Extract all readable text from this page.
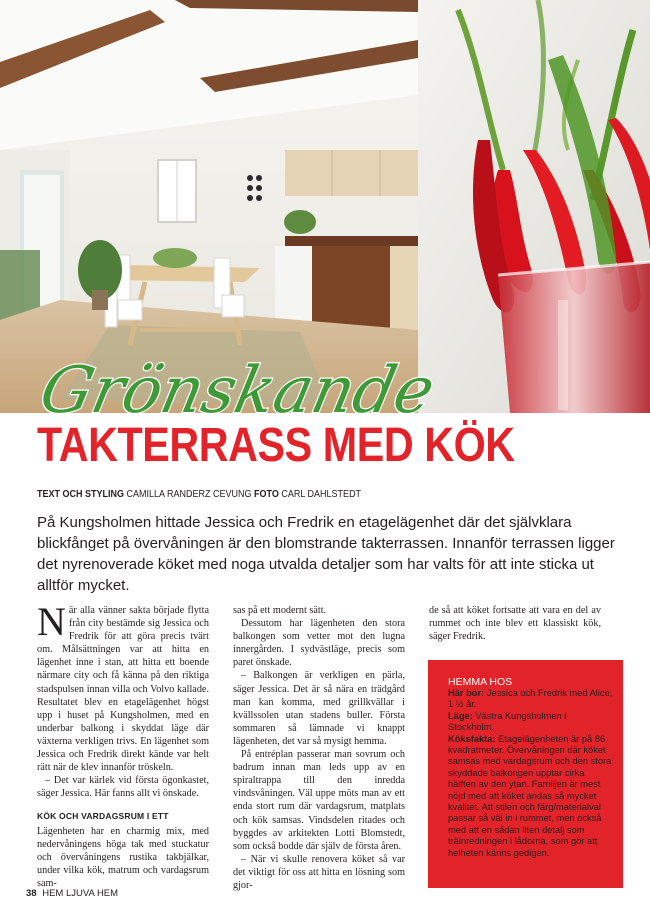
Grönskande
TAKTERRASS MED KÖK
TEXT OCH STYLING CAMILLA RANDERZ CEVUNG FOTO CARL DAHLSTEDT

På Kungsholmen hittade Jessica och Fredrik en etagelägenhet där det självklara blickfånget på övervåningen är den blomstrande takterrassen. Innanför terrassen ligger det nyrenoverade köket med noga utvalda detaljer som har valts för att inte sticka ut alltför mycket.

När alla vänner sakta började flytta från city bestämde sig Jessica och Fredrik för att göra precis tvärt om. Målsättningen var att hitta en lägenhet inne i stan, att hitta ett boende närmare city och få känna på den riktiga stadspulsen innan villa och Volvo kallade. Resultatet blev en etagelägenhet högst upp i huset på Kungsholmen, med en underbar balkong i skyddat läge där växterna verkligen trivs. En lägenhet som Jessica och Fredrik direkt kände var helt rätt när de klev innanför tröskeln.

– Det var kärlek vid första ögonkastet, säger Jessica. Här fanns allt vi önskade.

KÖK OCH VARDAGSRUM I ETT

Lägenheten har en charmig mix, med nedervåningens höga tak med stuckatur och övervåningens rustika takbjälkar, under vilka kök, matrum och vardagsrum sam-

sas på ett modernt sätt.

Dessutom har lägenheten den stora balkongen som vetter mot den lugna innergården. I sydvästläge, precis som paret önskade.

– Balkongen är verkligen en pärla, säger Jessica. Det är så nära en trädgård man kan komma, med grillkvällar i kvällssolen utan stadens buller. Första sommaren så lämnade vi knappt lägenheten, det var så mysigt hemma.

På entréplan passerar man sovrum och badrum innan man leds upp av en spiraltrappa till den inredda vindsvåningen. Väl uppe möts man av ett enda stort rum där vardagsrum, matplats och kök samsas. Vindsdelen ritades och byggdes av arkitekten Lotti Blomstedt, som också bodde där själv de första åren.

– När vi skulle renovera köket så var det viktigt för oss att hitta en lösning som gjor-

de så att köket fortsatte att vara en del av rummet och inte blev ett klassiskt kök, säger Fredrik.

HEMMA HOS

Här bor: Jessica och Fredrik med Alice, 1 ½ år.

Läge: Västra Kungsholmen i Stockholm.

Köksfakta: Etagelägenheten är på 86 kvadratmeter. Övervåningen där köket samsas med vardagsrum och den stora skyddade balkongen upptar cirka hälften av den ytan. Familjen är mest nöjd med att köket andas så mycket kvalitet. Att stilen och färg/materialval passar så väl in i rummet, men också med att en sådan liten detalj som trälnredningen i lådorna, som gör att helheten känns gedigen.

38 HEM LJUVA HEM
